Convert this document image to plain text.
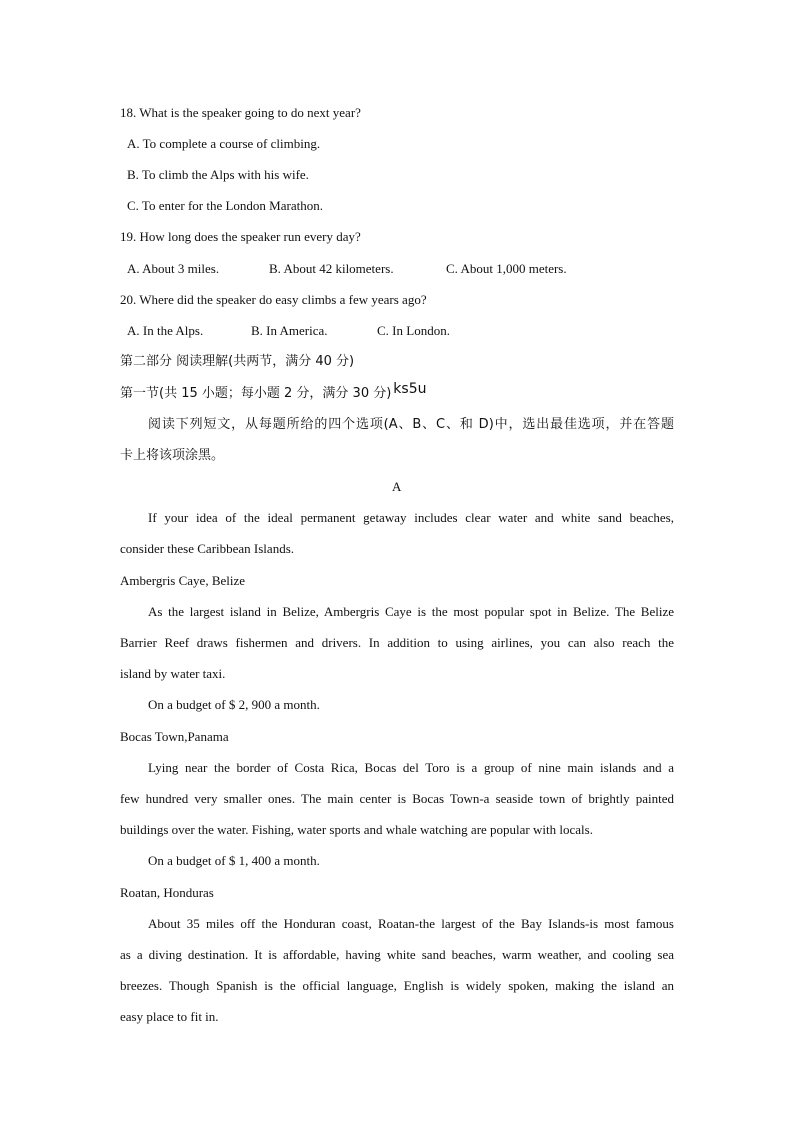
18. What is the speaker going to do next year?
A. To complete a course of climbing.
B. To climb the Alps with his wife.
C. To enter for the London Marathon.
19. How long does the speaker run every day?
A. About 3 miles.	B. About 42 kilometers.	C. About 1,000 meters.
20. Where did the speaker do easy climbs a few years ago?
A. In the Alps.	B. In America.	C. In London.
第二部分 阅读理解(共两节，满分 40 分)
第一节(共 15 小题；每小题 2 分，满分 30 分) ks5u
阅读下列短文，从每题所给的四个选项(A、B、C、和 D)中，选出最佳选项，并在答题
卡上将该项涂黑。
A
If your idea of the ideal permanent getaway includes clear water and white sand beaches,
consider these Caribbean Islands.
Ambergris Caye, Belize
As the largest island in Belize, Ambergris Caye is the most popular spot in Belize. The Belize
Barrier Reef draws fishermen and drivers. In addition to using airlines, you can also reach the
island by water taxi.
On a budget of $ 2, 900 a month.
Bocas Town,Panama
Lying near the border of Costa Rica, Bocas del Toro is a group of nine main islands and a
few hundred very smaller ones. The main center is Bocas Town-a seaside town of brightly painted
buildings over the water. Fishing, water sports and whale watching are popular with locals.
On a budget of $ 1, 400 a month.
Roatan, Honduras
About 35 miles off the Honduran coast, Roatan-the largest of the Bay Islands-is most famous
as a diving destination. It is affordable, having white sand beaches, warm weather, and cooling sea
breezes. Though Spanish is the official language, English is widely spoken, making the island an
easy place to fit in.
